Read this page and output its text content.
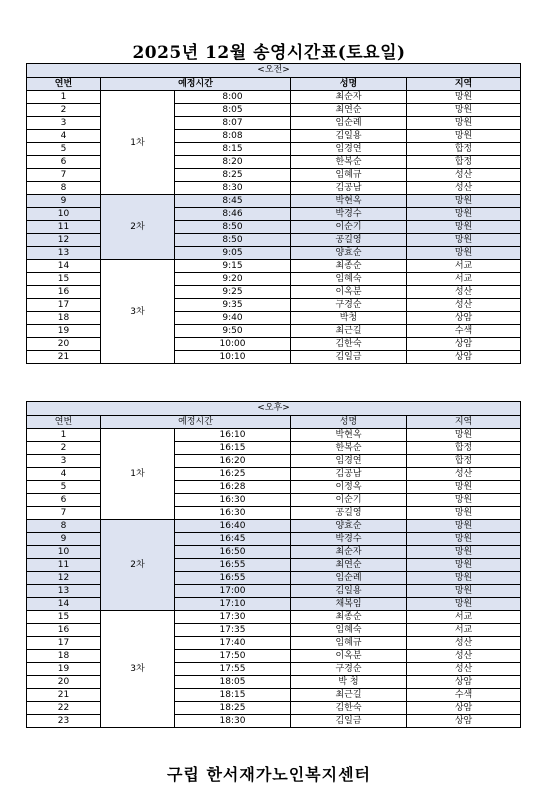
2025년 12월 송영시간표(토요일)
<오전>				
연번	예정시간		성명	지역
1	1차	8:00	최순자	망원
2		8:05	최연순	망원
3		8:07	임순례	망원
4		8:08	김일용	망원
5		8:15	임경연	합정
6		8:20	한복순	합정
7		8:25	임혜규	성산
8		8:30	김공남	성산
9	2차	8:45	박현옥	망원
10		8:46	박경수	망원
11		8:50	이순기	망원
12		8:50	공길영	망원
13		9:05	양효순	망원
14	3차	9:15	최종순	서교
15		9:20	임혜숙	서교
16		9:25	이옥분	성산
17		9:35	구경순	성산
18		9:40	박청	상암
19		9:50	최근길	수색
20		10:00	김한숙	상암
21		10:10	김일금	상암
<오후>				
연번	예정시간		성명	지역
1	1차	16:10	박현옥	망원
2		16:15	한복순	합정
3		16:20	임경연	합정
4		16:25	김공남	성산
5		16:28	이정옥	망원
6		16:30	이순기	망원
7		16:30	공길영	망원
8	2차	16:40	양효순	망원
9		16:45	박경수	망원
10		16:50	최순자	망원
11		16:55	최연순	망원
12		16:55	임순례	망원
13		17:00	김일용	망원
14		17:10	채복임	망원
15	3차	17:30	최종순	서교
16		17:35	임혜숙	서교
17		17:40	임혜규	성산
18		17:50	이옥분	성산
19		17:55	구경순	성산
20		18:05	박 청	상암
21		18:15	최근길	수색
22		18:25	김한숙	상암
23		18:30	김일금	상암
구립 한서재가노인복지센터
